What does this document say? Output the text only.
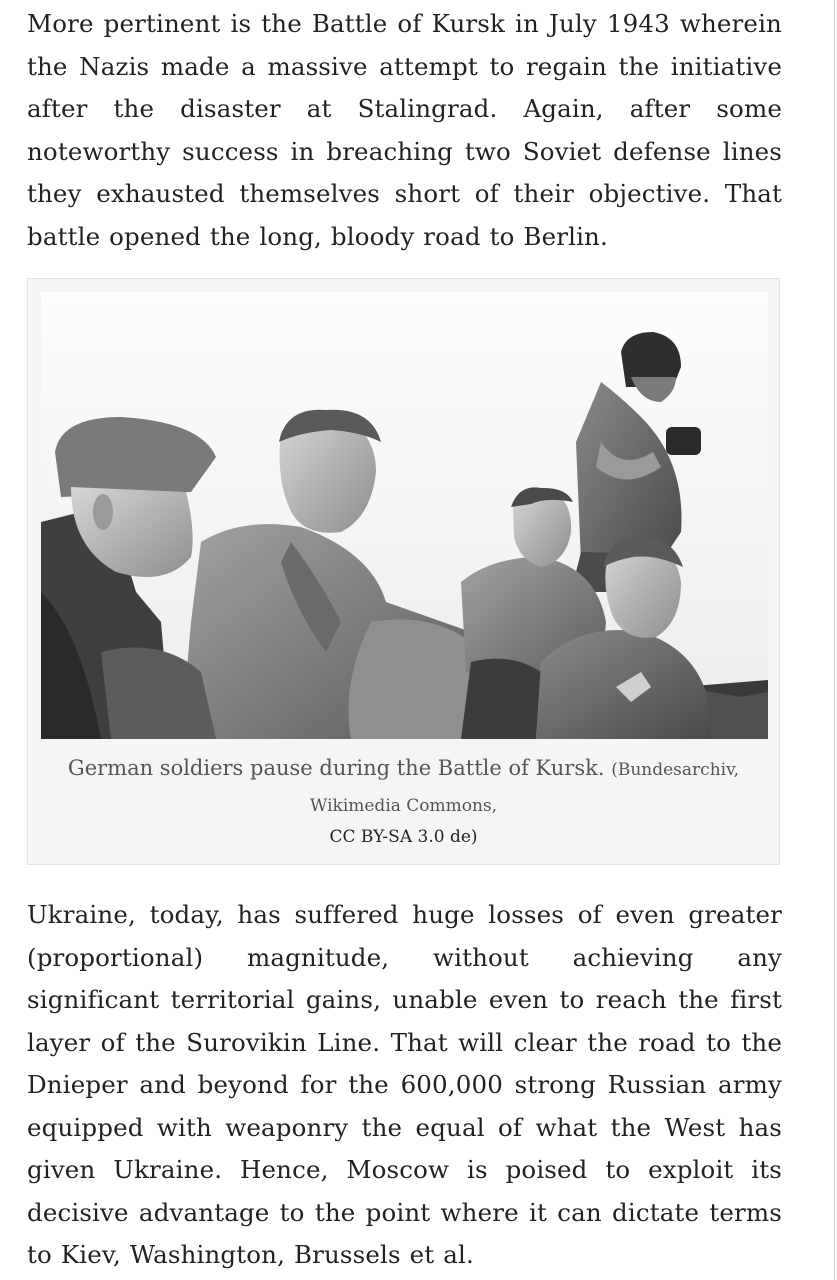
More pertinent is the Battle of Kursk in July 1943 wherein the Nazis made a massive attempt to regain the initiative after the disaster at Stalingrad. Again, after some noteworthy success in breaching two Soviet defense lines they exhausted themselves short of their objective. That battle opened the long, bloody road to Berlin.

German soldiers pause during the Battle of Kursk. (Bundesarchiv,

Wikimedia Commons,

CC BY-SA 3.0 de)

Ukraine, today, has suffered huge losses of even greater (proportional) magnitude, without achieving any significant territorial gains, unable even to reach the first layer of the Surovikin Line. That will clear the road to the Dnieper and beyond for the 600,000 strong Russian army equipped with weaponry the equal of what the West has given Ukraine. Hence, Moscow is poised to exploit its decisive advantage to the point where it can dictate terms to Kiev, Washington, Brussels et al.
